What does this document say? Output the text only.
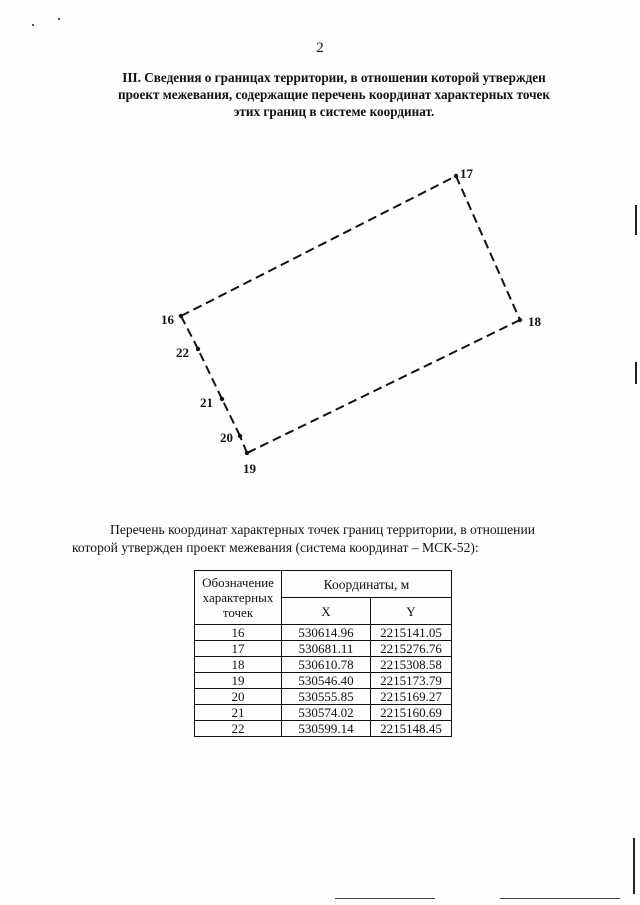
2
III. Сведения о границах территории, в отношении которой утвержден
проект межевания, содержащие перечень координат характерных точек
этих границ в системе координат.
16
17
18
19
20
21
22
Перечень координат характерных точек границ территории, в отношении
которой утвержден проект межевания (система координат – МСК-52):
Обозначение характерных точек	Координаты, м	
	X	Y
16	530614.96	2215141.05
17	530681.11	2215276.76
18	530610.78	2215308.58
19	530546.40	2215173.79
20	530555.85	2215169.27
21	530574.02	2215160.69
22	530599.14	2215148.45
